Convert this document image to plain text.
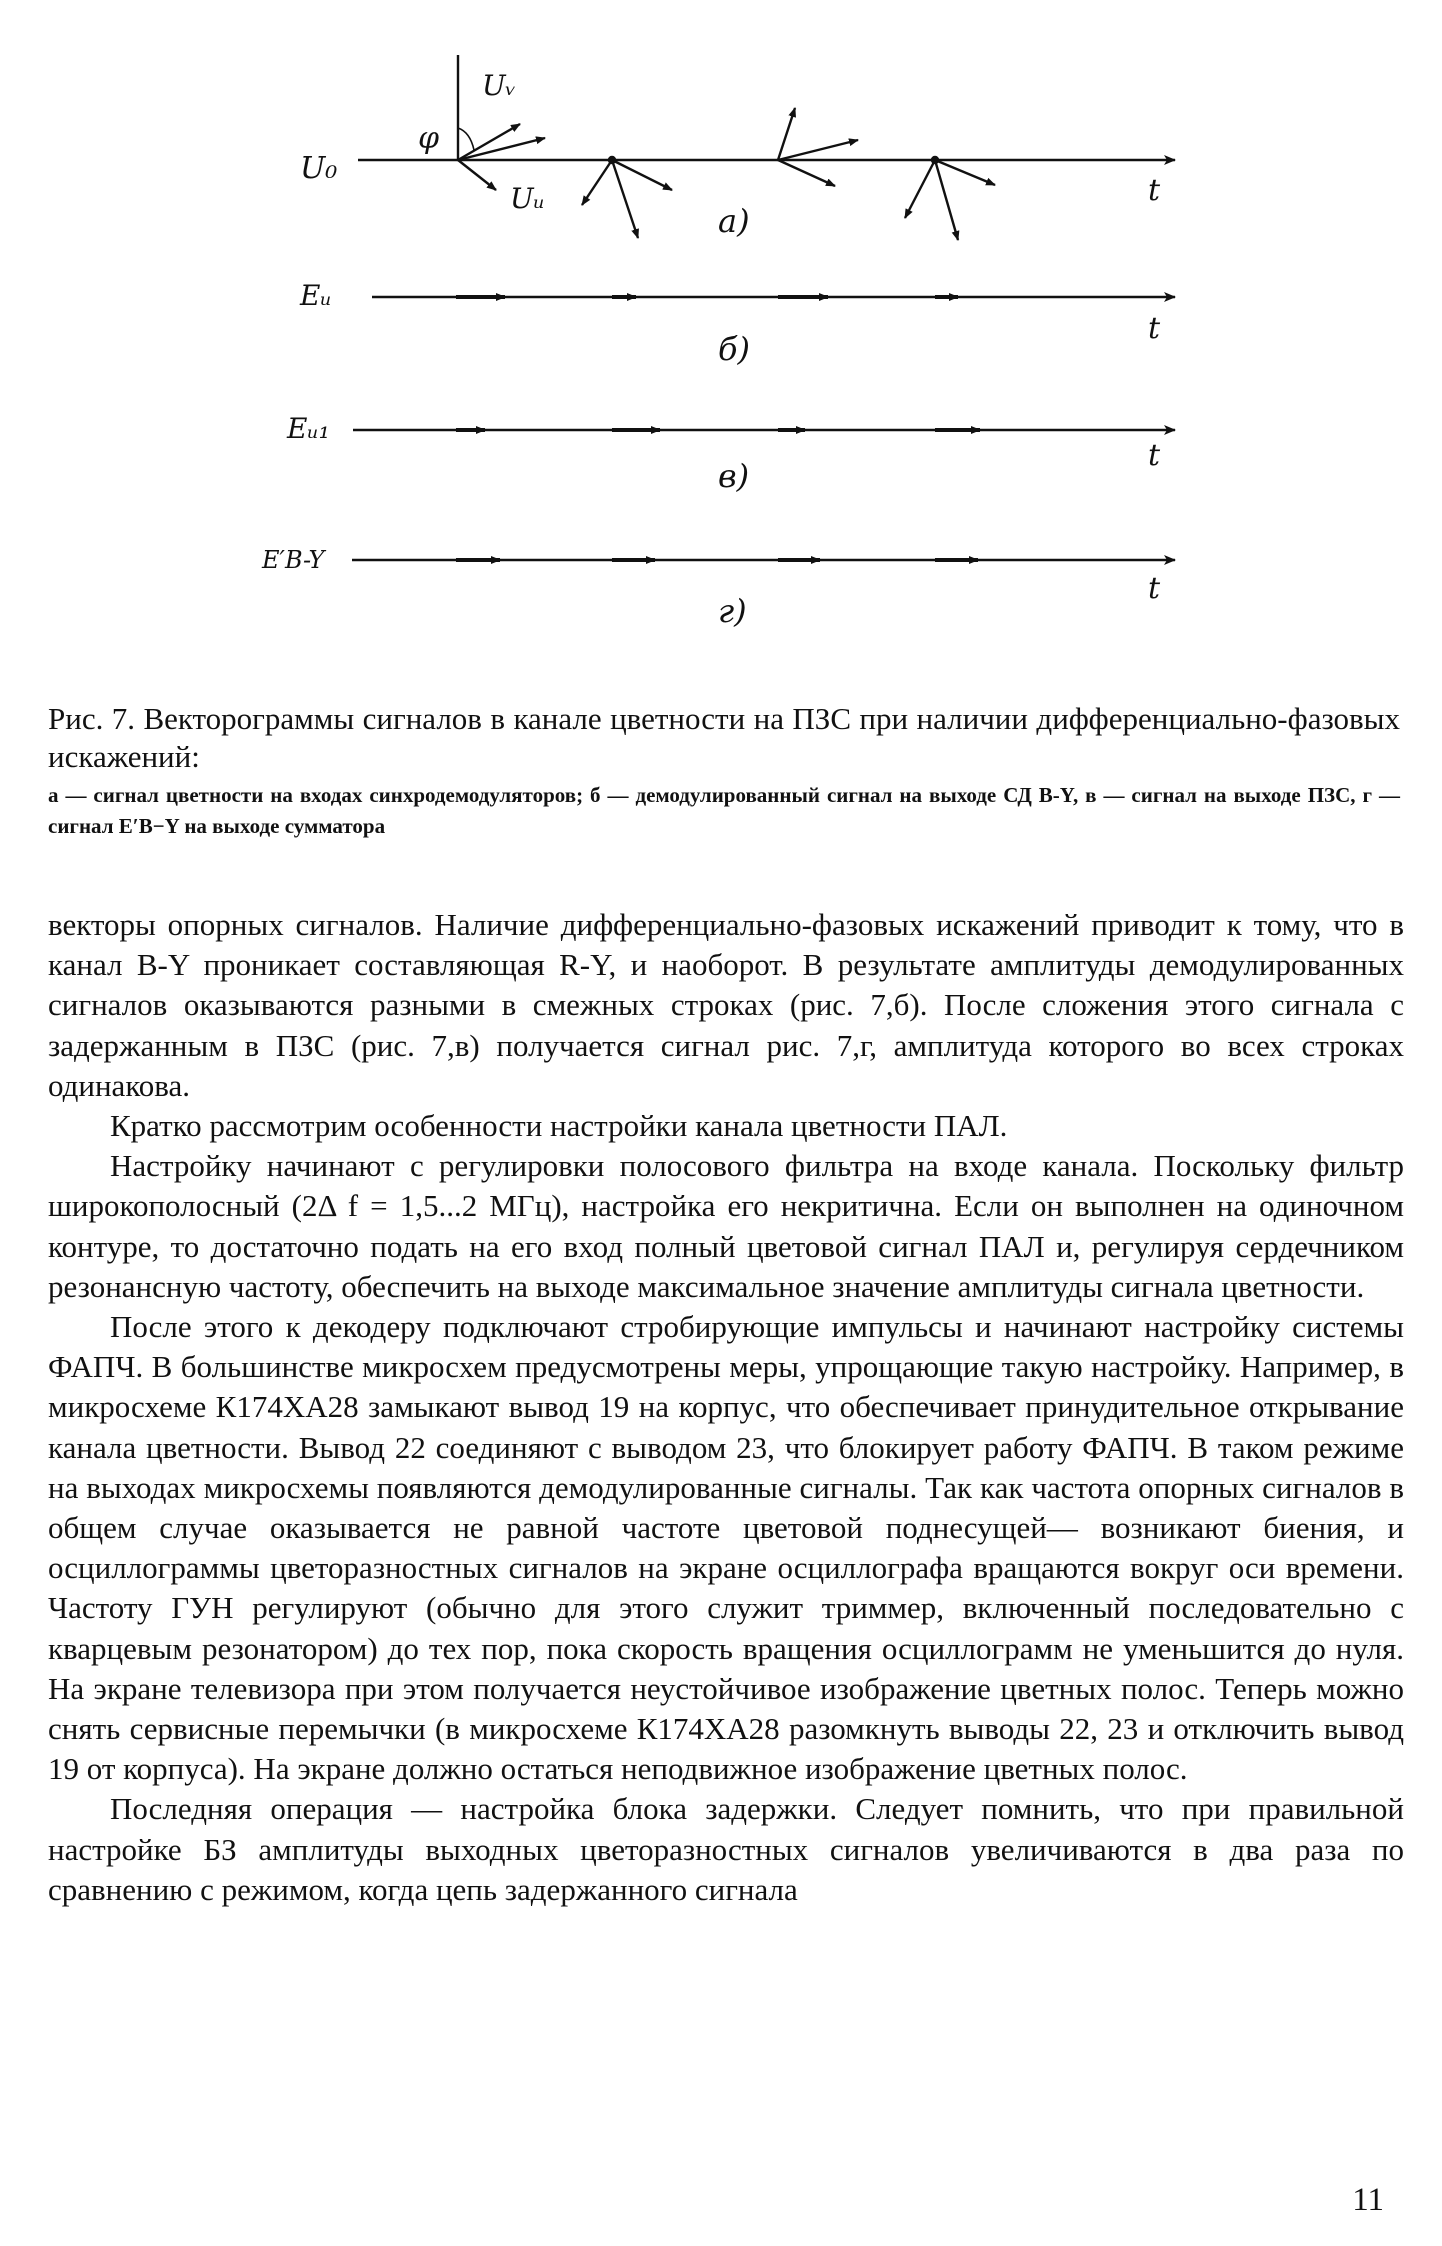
U₀
Uᵥ
φ
Uᵤ
Eᵤ
Eᵤ₁
E′B-Y
t
t
t
t
а)
б)
в)
г)
Рис. 7. Векторограммы сигналов в канале цветности на ПЗС при наличии дифференциально-фазовых искажений:
а — сигнал цветности на входах синхродемодуляторов; б — демодулированный сигнал на выходе СД В-Y, в — сигнал на выходе ПЗС, г — сигнал E′B−Y на выходе сумматора

векторы опорных сигналов. Наличие дифференциально-фазовых искажений приводит к тому, что в канал B-Y проникает составляющая R-Y, и наоборот. В результате амплитуды демодулированных сигналов оказываются разными в смежных строках (рис. 7,б). После сложения этого сигнала с задержанным в ПЗС (рис. 7,в) получается сигнал рис. 7,г, амплитуда которого во всех строках одинакова.

Кратко рассмотрим особенности настройки канала цветности ПАЛ.

Настройку начинают с регулировки полосового фильтра на входе канала. Поскольку фильтр широкополосный (2Δ f = 1,5...2 МГц), настройка его некритична. Если он выполнен на одиночном контуре, то достаточно подать на его вход полный цветовой сигнал ПАЛ и, регулируя сердечником резонансную частоту, обеспечить на выходе максимальное значение амплитуды сигнала цветности.

После этого к декодеру подключают стробирующие импульсы и начинают настройку системы ФАПЧ. В большинстве микросхем предусмотрены меры, упрощающие такую настройку. Например, в микросхеме К174ХА28 замыкают вывод 19 на корпус, что обеспечивает принудительное открывание канала цветности. Вывод 22 соединяют с выводом 23, что блокирует работу ФАПЧ. В таком режиме на выходах микросхемы появляются демодулированные сигналы. Так как частота опорных сигналов в общем случае оказывается не равной частоте цветовой поднесущей— возникают биения, и осциллограммы цветоразностных сигналов на экране осциллографа вращаются вокруг оси времени. Частоту ГУН регулируют (обычно для этого служит триммер, включенный последовательно с кварцевым резонатором) до тех пор, пока скорость вращения осциллограмм не уменьшится до нуля. На экране телевизора при этом получается неустойчивое изображение цветных полос. Теперь можно снять сервисные перемычки (в микросхеме К174ХА28 разомкнуть выводы 22, 23 и отключить вывод 19 от корпуса). На экране должно остаться неподвижное изображение цветных полос.

Последняя операция — настройка блока задержки. Следует помнить, что при правильной настройке БЗ амплитуды выходных цветоразностных сигналов увеличиваются в два раза по сравнению с режимом, когда цепь задержанного сигнала

11
